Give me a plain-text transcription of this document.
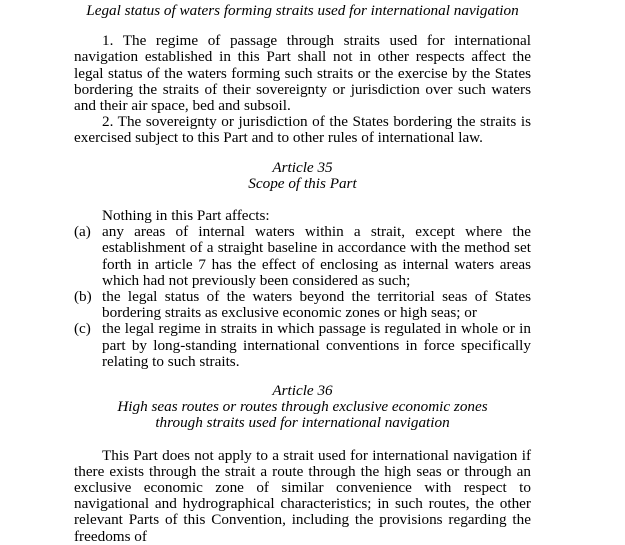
Legal status of waters forming straits used for international navigation

1. The regime of passage through straits used for international navigation established in this Part shall not in other respects affect the legal status of the waters forming such straits or the exercise by the States bordering the straits of their sovereignty or jurisdiction over such waters and their air space, bed and subsoil.

2. The sovereignty or jurisdiction of the States bordering the straits is exercised subject to this Part and to other rules of international law.

Article 35

Scope of this Part

Nothing in this Part affects:

(a) any areas of internal waters within a strait, except where the establishment of a straight baseline in accordance with the method set forth in article 7 has the effect of enclosing as internal waters areas which had not previously been considered as such;
(b) the legal status of the waters beyond the territorial seas of States bordering straits as exclusive economic zones or high seas; or
(c) the legal regime in straits in which passage is regulated in whole or in part by long-standing international conventions in force specifically relating to such straits.

Article 36

High seas routes or routes through exclusive economic zones

through straits used for international navigation

This Part does not apply to a strait used for international navigation if there exists through the strait a route through the high seas or through an exclusive economic zone of similar convenience with respect to navigational and hydrographical characteristics; in such routes, the other relevant Parts of this Convention, including the provisions regarding the freedoms of
